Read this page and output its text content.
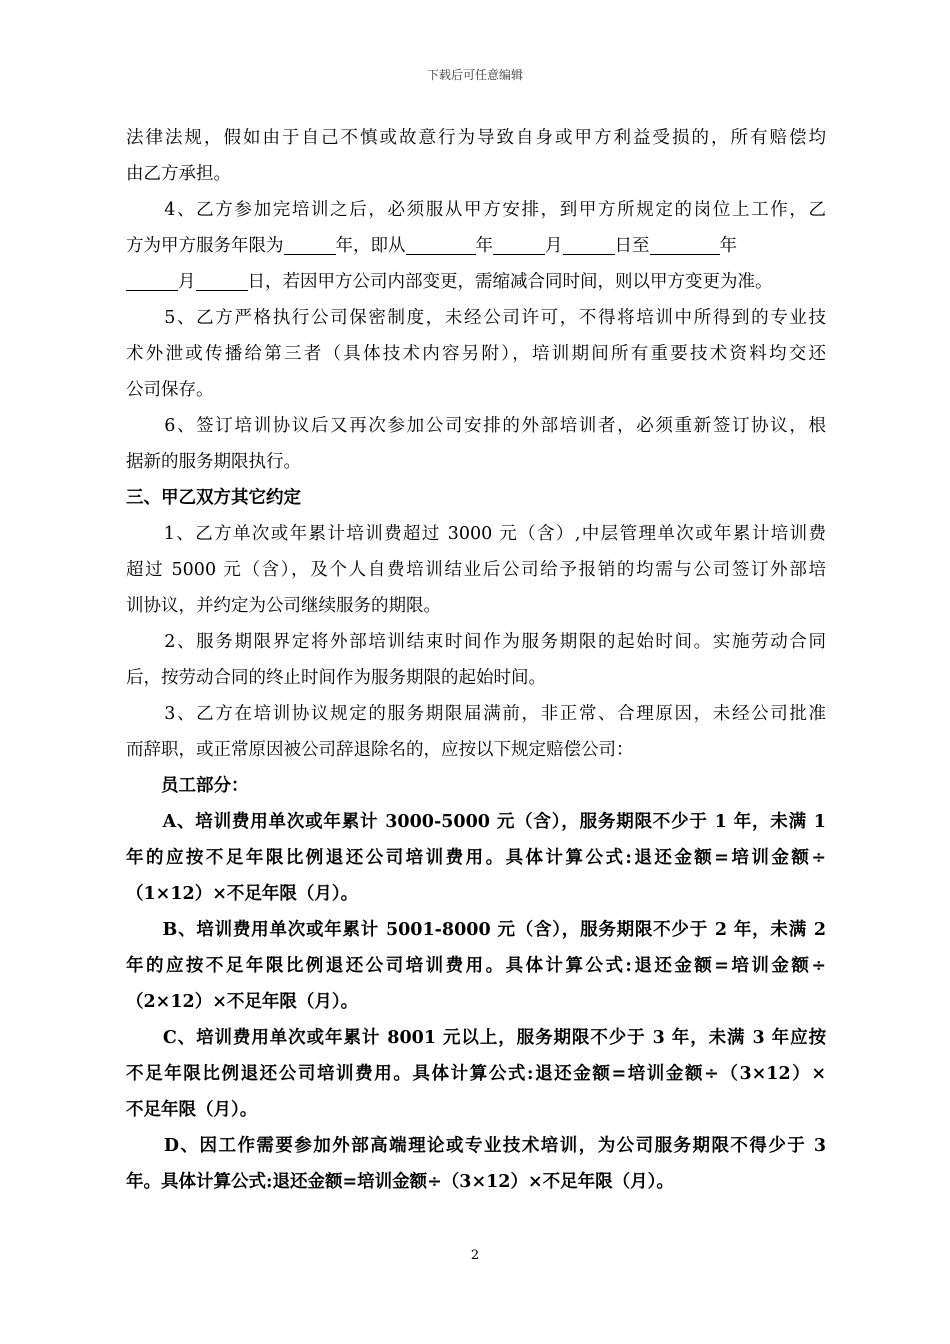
下载后可任意编辑
法律法规，假如由于自己不慎或故意行为导致自身或甲方利益受损的，所有赔偿均
由乙方承担。
　　4、乙方参加完培训之后，必须服从甲方安排，到甲方所规定的岗位上工作，乙
方为甲方服务年限为	年，即从	年	月	日至	年
月	日，若因甲方公司内部变更，需缩减合同时间，则以甲方变更为准。
　　5、乙方严格执行公司保密制度，未经公司许可，不得将培训中所得到的专业技
术外泄或传播给第三者（具体技术内容另附），培训期间所有重要技术资料均交还
公司保存。
　　6、签订培训协议后又再次参加公司安排的外部培训者，必须重新签订协议，根
据新的服务期限执行。
三、甲乙双方其它约定
　　1、乙方单次或年累计培训费超过 3000 元（含）,中层管理单次或年累计培训费
超过 5000 元（含），及个人自费培训结业后公司给予报销的均需与公司签订外部培
训协议，并约定为公司继续服务的期限。
　　2、服务期限界定将外部培训结束时间作为服务期限的起始时间。实施劳动合同
后，按劳动合同的终止时间作为服务期限的起始时间。
　　3、乙方在培训协议规定的服务期限届满前，非正常、合理原因，未经公司批准
而辞职，或正常原因被公司辞退除名的，应按以下规定赔偿公司：
　　员工部分：
　　A、培训费用单次或年累计 3000-5000 元（含），服务期限不少于 1 年，未满 1
年的应按不足年限比例退还公司培训费用。具体计算公式:退还金额=培训金额÷
（1×12）×不足年限（月）。
　　B、培训费用单次或年累计 5001-8000 元（含），服务期限不少于 2 年，未满 2
年的应按不足年限比例退还公司培训费用。具体计算公式:退还金额=培训金额÷
（2×12）×不足年限（月）。
　　C、培训费用单次或年累计 8001 元以上，服务期限不少于 3 年，未满 3 年应按
不足年限比例退还公司培训费用。具体计算公式:退还金额=培训金额÷（3×12）×
不足年限（月）。
　　D、因工作需要参加外部高端理论或专业技术培训，为公司服务期限不得少于 3
年。具体计算公式:退还金额=培训金额÷（3×12）×不足年限（月）。
2
